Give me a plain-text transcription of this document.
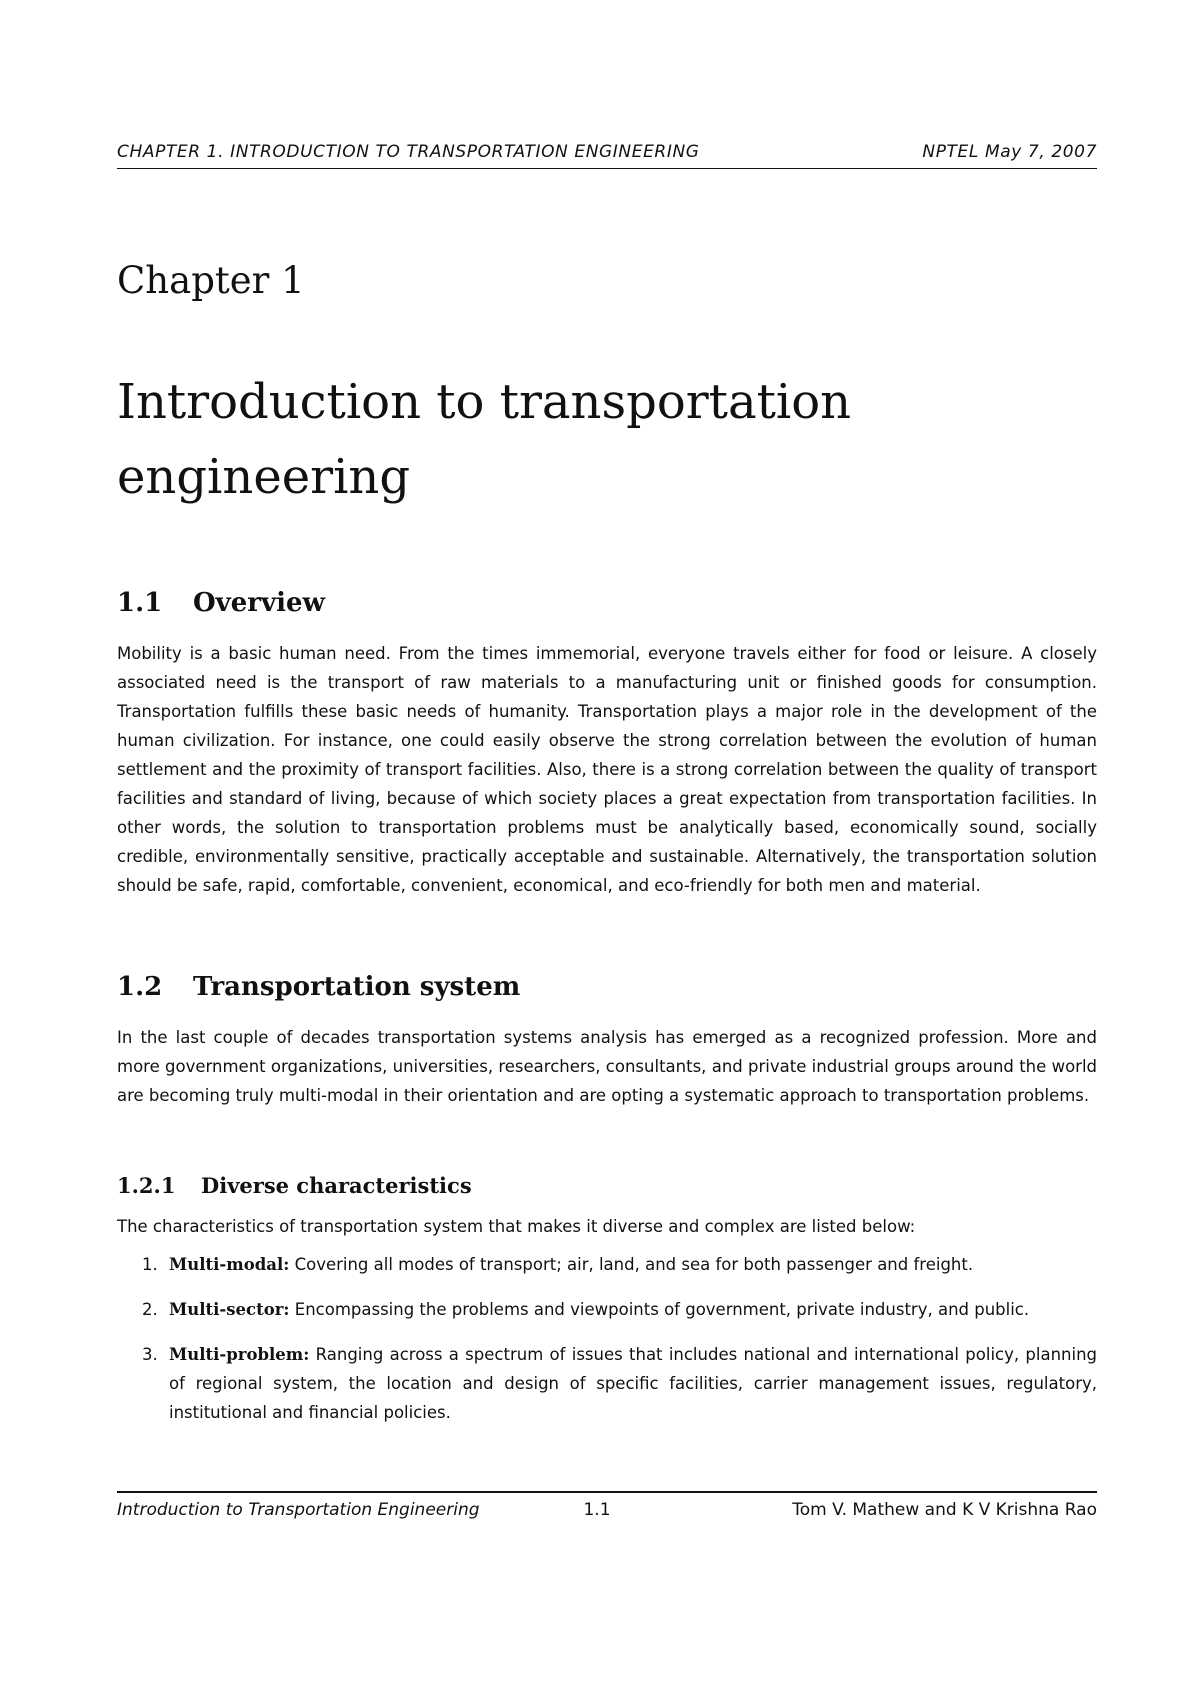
CHAPTER 1. INTRODUCTION TO TRANSPORTATION ENGINEERING	NPTEL May 7, 2007
Chapter 1
Introduction to transportation engineering
1.1	Overview

Mobility is a basic human need. From the times immemorial, everyone travels either for food or leisure. A closely associated need is the transport of raw materials to a manufacturing unit or finished goods for consumption. Transportation fulfills these basic needs of humanity. Transportation plays a major role in the development of the human civilization. For instance, one could easily observe the strong correlation between the evolution of human settlement and the proximity of transport facilities. Also, there is a strong correlation between the quality of transport facilities and standard of living, because of which society places a great expectation from transportation facilities. In other words, the solution to transportation problems must be analytically based, economically sound, socially credible, environmentally sensitive, practically acceptable and sustainable. Alternatively, the transportation solution should be safe, rapid, comfortable, convenient, economical, and eco-friendly for both men and material.

1.2	Transportation system

In the last couple of decades transportation systems analysis has emerged as a recognized profession. More and more government organizations, universities, researchers, consultants, and private industrial groups around the world are becoming truly multi-modal in their orientation and are opting a systematic approach to transportation problems.

1.2.1	Diverse characteristics

The characteristics of transportation system that makes it diverse and complex are listed below:

1. Multi-modal: Covering all modes of transport; air, land, and sea for both passenger and freight.
2. Multi-sector: Encompassing the problems and viewpoints of government, private industry, and public.
3. Multi-problem: Ranging across a spectrum of issues that includes national and international policy, planning of regional system, the location and design of specific facilities, carrier management issues, regulatory, institutional and financial policies.
Introduction to Transportation Engineering	1.1	Tom V. Mathew and K V Krishna Rao
